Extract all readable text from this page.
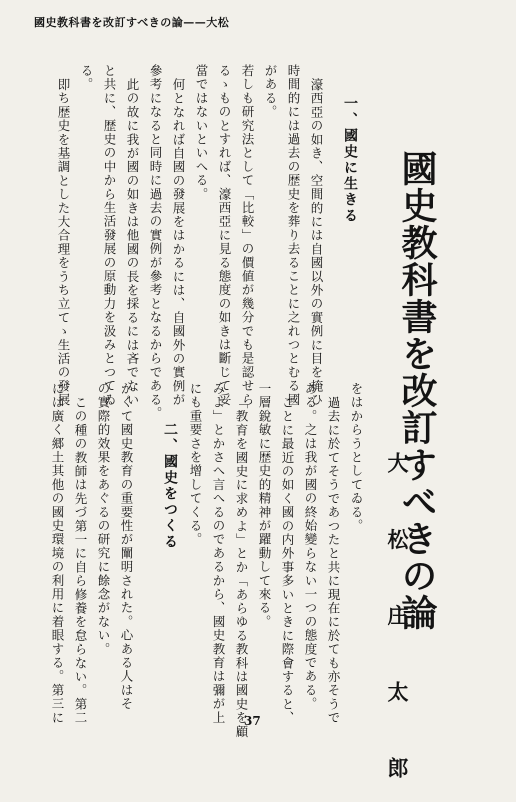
國史教科書を改訂すべきの論——大松
濠西亞の如き、空間的には自國以外の實例に目を掩ひ
時間的には過去の歴史を葬り去ることに之れつとむる國
がある。
若しも研究法として「比較」の價値が幾分でも是認せら
るゝものとすれば、濠西亞に見る態度の如きは斷じて妥
當ではないといへる。
何となれば自國の發展をはかるには、自國外の實例が
參考になると同時に過去の實例が參考となるからである。
此の故に我が國の如きは他國の長を採るには吝でない
と共に、歴史の中から生活發展の原動力を汲みとつてゐ
る。
即ち歴史を基調とした大合理をうち立てゝ生活の發展	一、國史に生きる 國史教科書を改訂すべきの論
大 松 庄 太 郎
をはからうとしてゐる。
過去に於てそうであつたと共に現在に於ても亦そうで
ある。之は我が國の終始變らない一つの態度である。
ことに最近の如く國の内外事多いときに際會すると、
一層銳敏に歴史的精神が躍動して來る。
「教育を國史に求めよ」とか「あらゆる教科は國史を顧
みよ」とかさへ言へるのであるから、國史教育は彌が上
にも重要さを增してくる。
二、國史をつくる
かくて國史教育の重要性が闡明された。心ある人はそ
の實際的效果をあぐるの研究に餘念がない。
この種の教師は先づ第一に自ら修養を怠らない。第二
には廣く郷土其他の國史環境の利用に着眼する。第三に	37
